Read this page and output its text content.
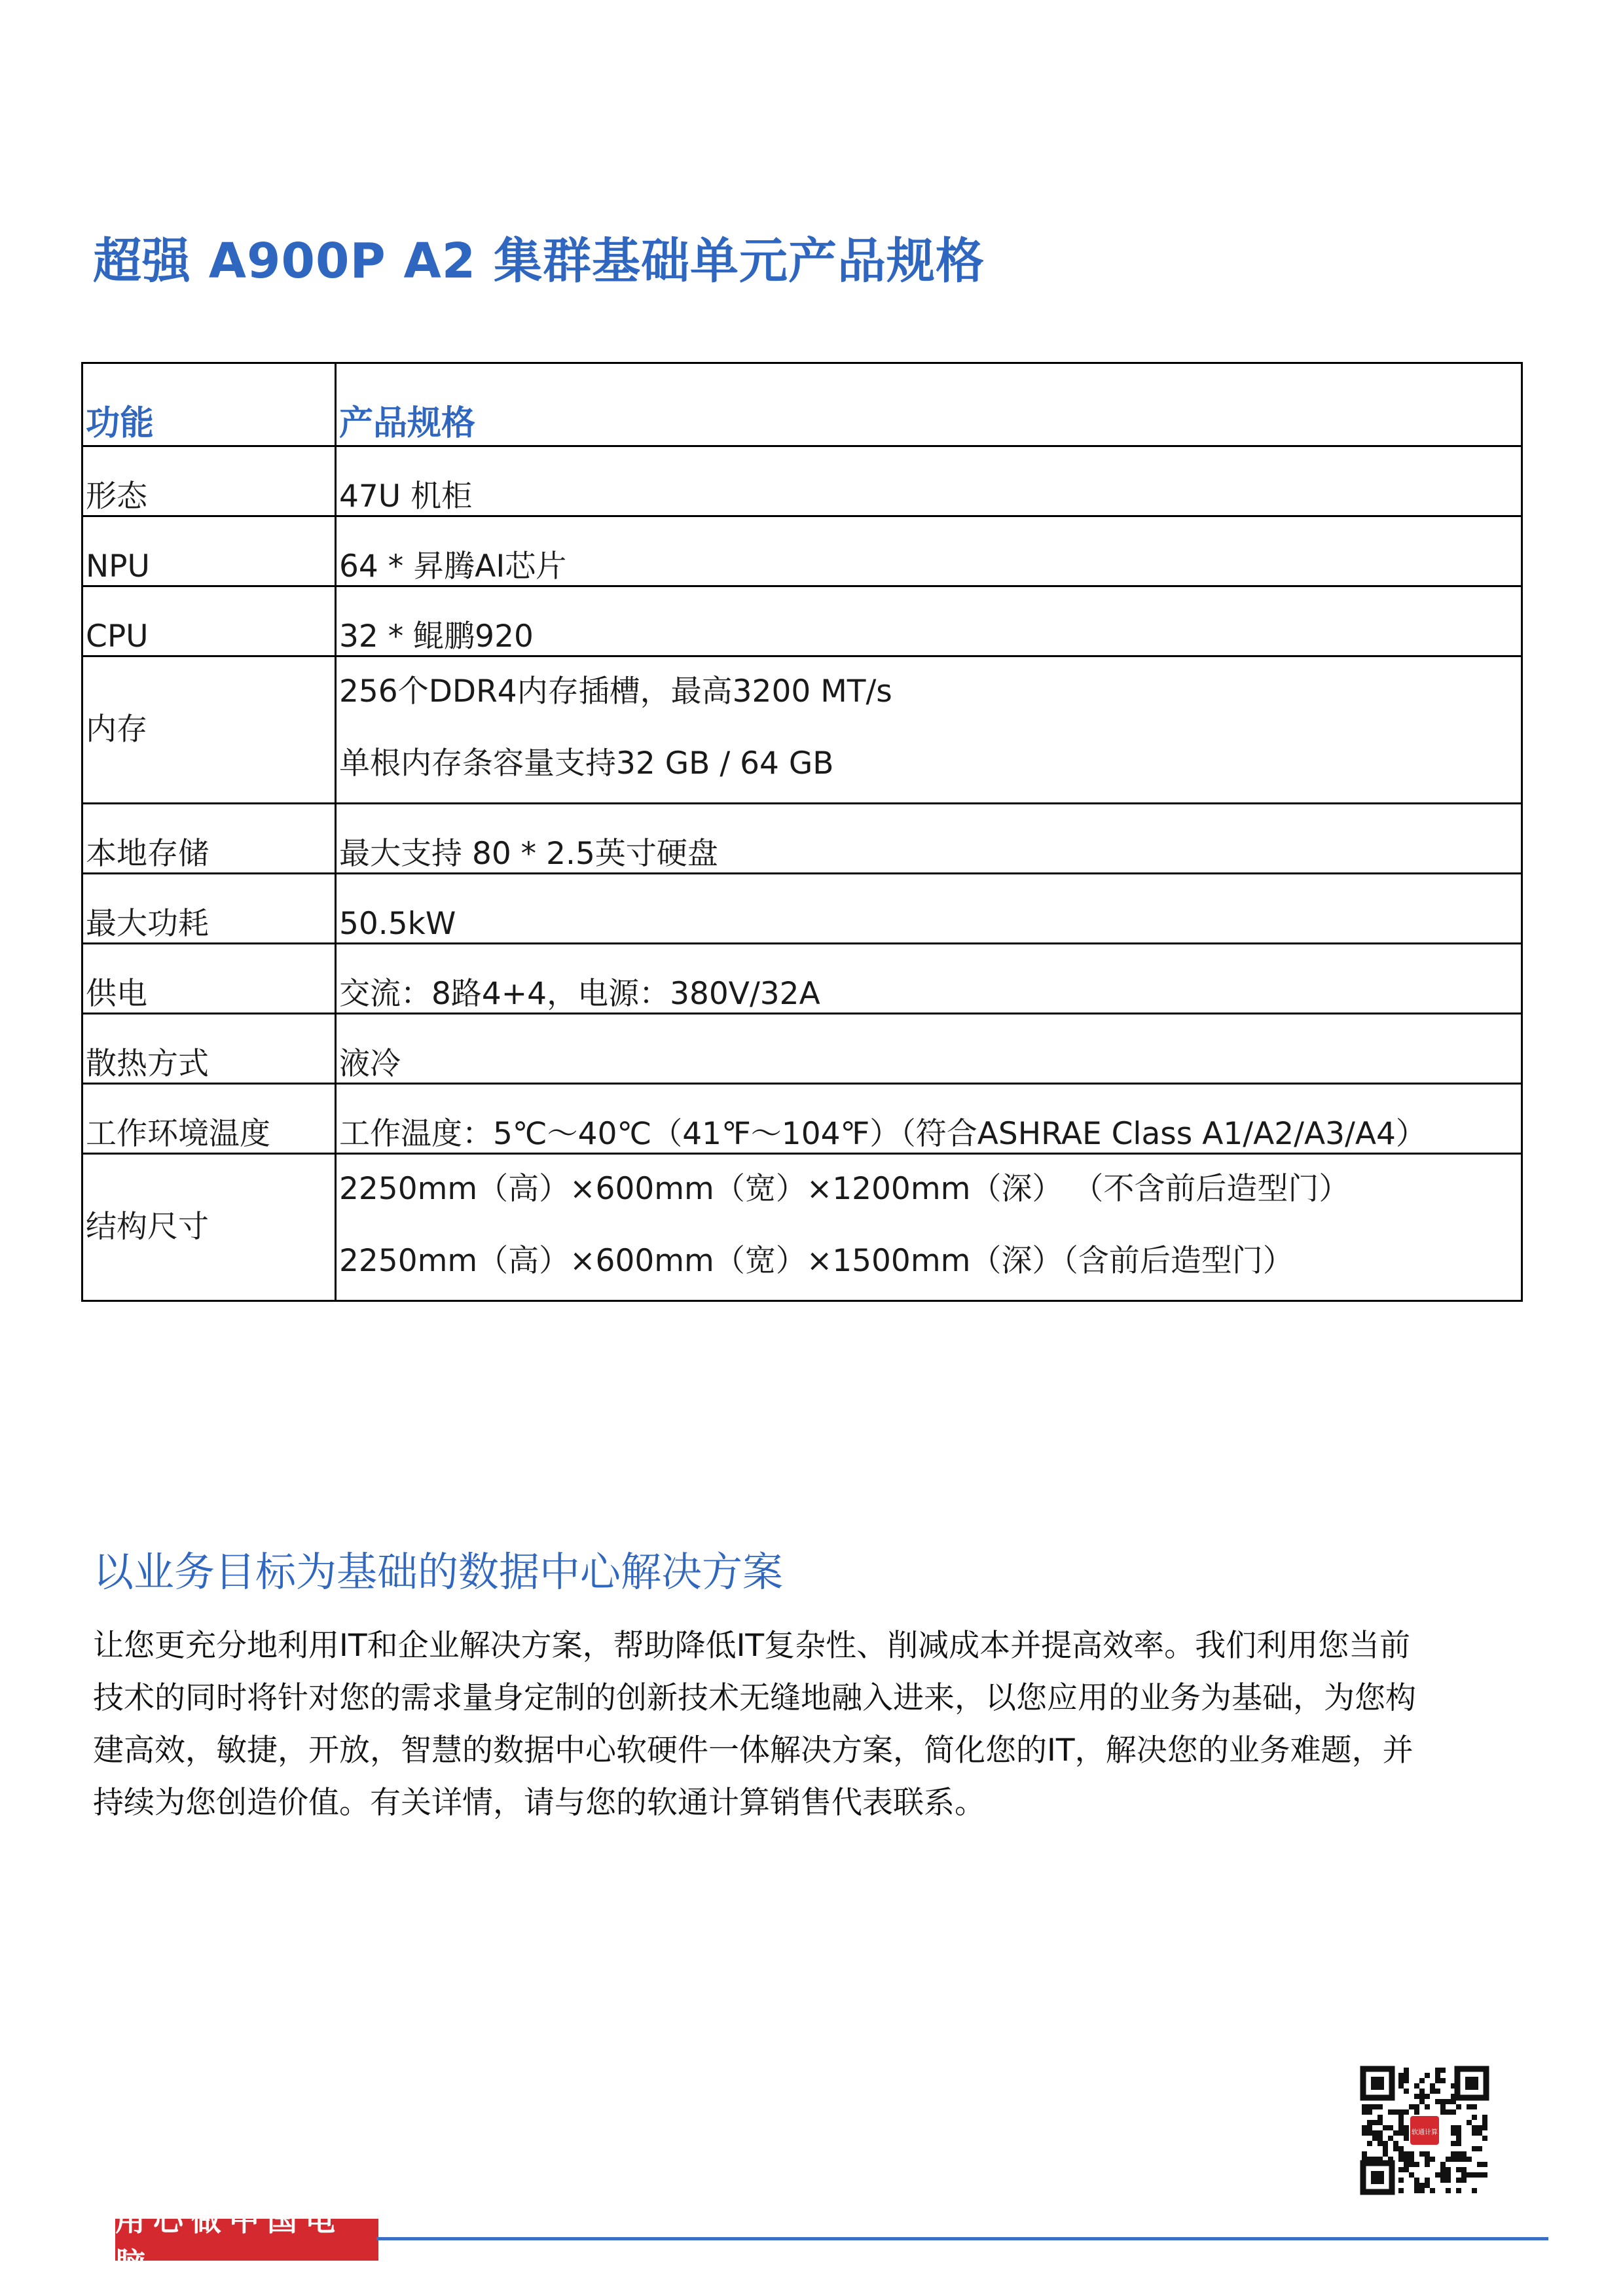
超强 A900P A2 集群基础单元产品规格
功能	产品规格
形态	47U 机柜
NPU	64 * 昇腾AI芯片
CPU	32 * 鲲鹏920
内存	256个DDR4内存插槽，最高3200 MT/s
单根内存条容量支持32 GB / 64 GB

本地存储	最大支持 80 * 2.5英寸硬盘
最大功耗	50.5kW
供电	交流：8路4+4，电源：380V/32A
散热方式	液冷
工作环境温度	工作温度：5℃～40℃（41℉～104℉）（符合ASHRAE Class A1/A2/A3/A4）
结构尺寸	2250mm（高）×600mm（宽）×1200mm（深） （不含前后造型门）
2250mm（高）×600mm（宽）×1500mm（深）（含前后造型门）
以业务目标为基础的数据中心解决方案
让您更充分地利用IT和企业解决方案，帮助降低IT复杂性、削减成本并提高效率。我们利用您当前
技术的同时将针对您的需求量身定制的创新技术无缝地融入进来，以您应用的业务为基础，为您构
建高效，敏捷，开放，智慧的数据中心软硬件一体解决方案，简化您的IT，解决您的业务难题，并
持续为您创造价值。有关详情，请与您的软通计算销售代表联系。
软通计算
用心做中国电脑
